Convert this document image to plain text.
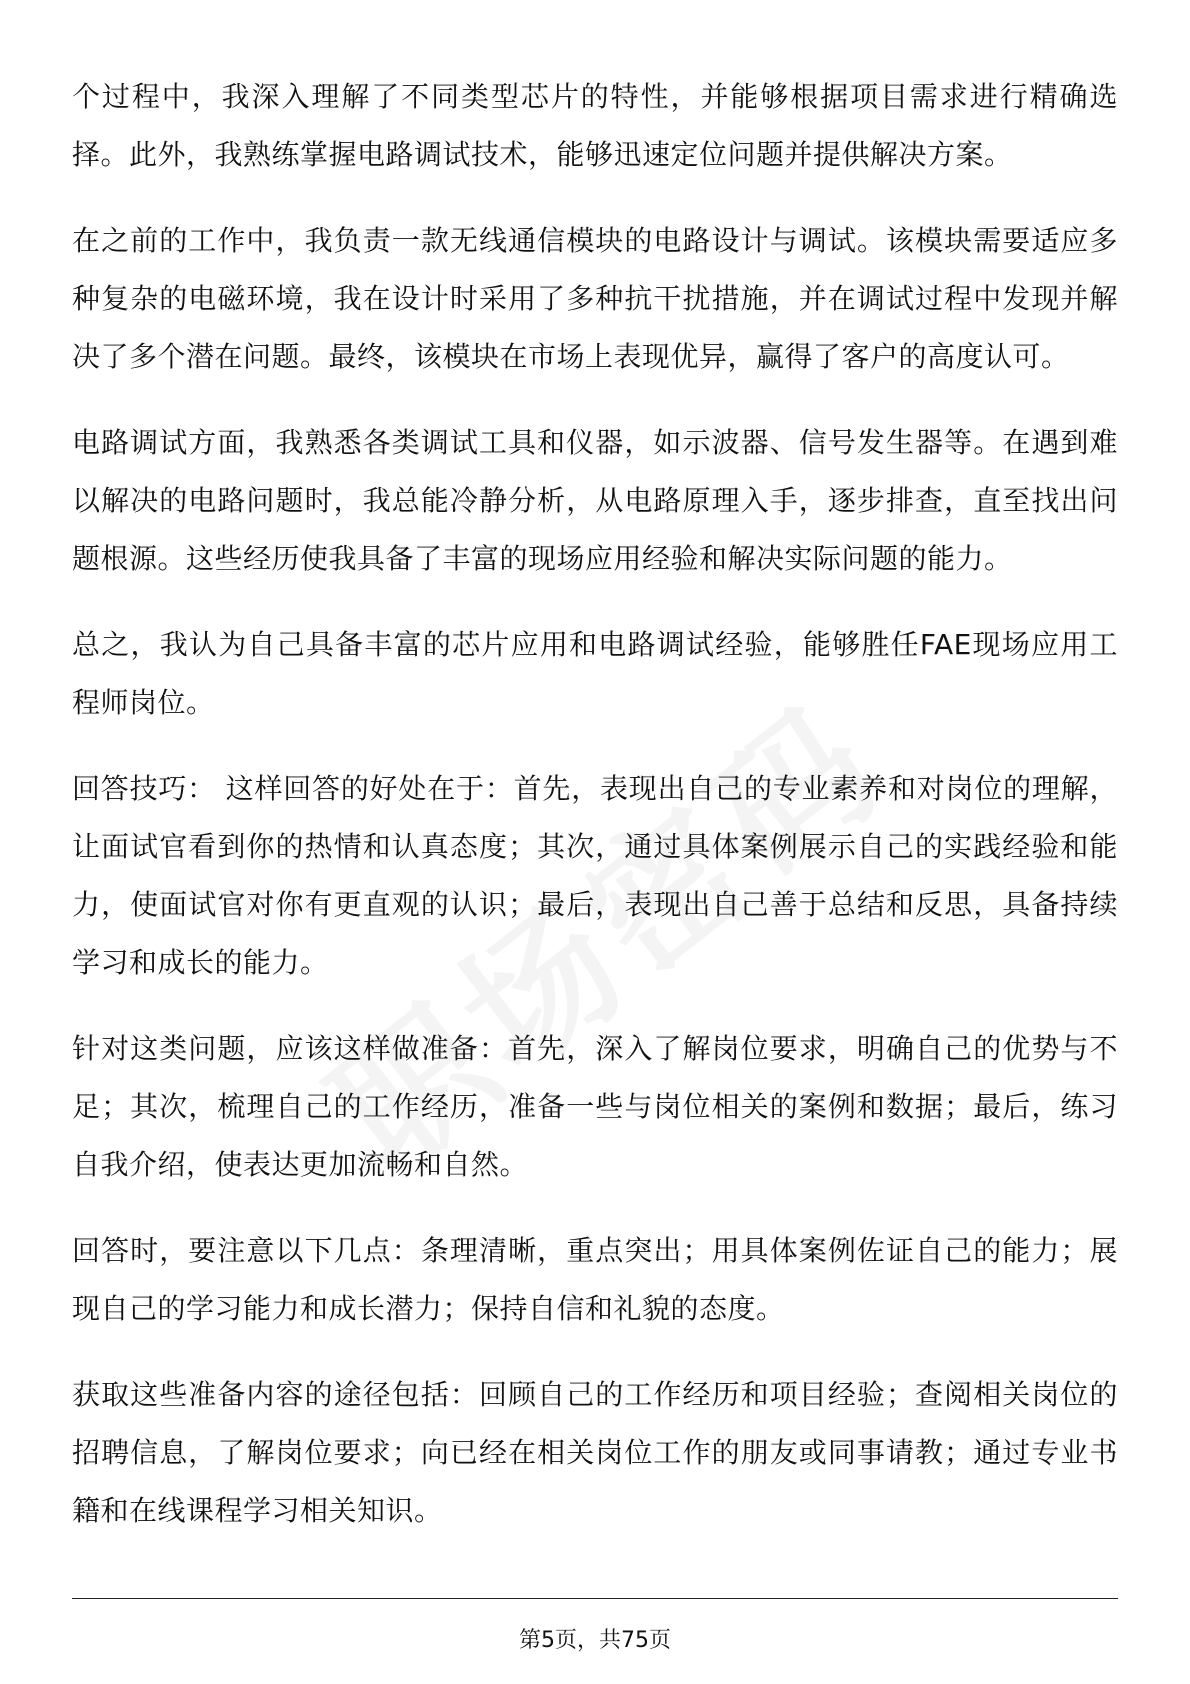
个过程中，我深入理解了不同类型芯片的特性，并能够根据项目需求进行精确选择。此外，我熟练掌握电路调试技术，能够迅速定位问题并提供解决方案。

在之前的工作中，我负责一款无线通信模块的电路设计与调试。该模块需要适应多种复杂的电磁环境，我在设计时采用了多种抗干扰措施，并在调试过程中发现并解决了多个潜在问题。最终，该模块在市场上表现优异，赢得了客户的高度认可。

电路调试方面，我熟悉各类调试工具和仪器，如示波器、信号发生器等。在遇到难以解决的电路问题时，我总能冷静分析，从电路原理入手，逐步排查，直至找出问题根源。这些经历使我具备了丰富的现场应用经验和解决实际问题的能力。

总之，我认为自己具备丰富的芯片应用和电路调试经验，能够胜任FAE现场应用工程师岗位。

回答技巧： 这样回答的好处在于：首先，表现出自己的专业素养和对岗位的理解，让面试官看到你的热情和认真态度；其次，通过具体案例展示自己的实践经验和能力，使面试官对你有更直观的认识；最后，表现出自己善于总结和反思，具备持续学习和成长的能力。

针对这类问题，应该这样做准备：首先，深入了解岗位要求，明确自己的优势与不足；其次，梳理自己的工作经历，准备一些与岗位相关的案例和数据；最后，练习自我介绍，使表达更加流畅和自然。

回答时，要注意以下几点：条理清晰，重点突出；用具体案例佐证自己的能力；展现自己的学习能力和成长潜力；保持自信和礼貌的态度。

获取这些准备内容的途径包括：回顾自己的工作经历和项目经验；查阅相关岗位的招聘信息，了解岗位要求；向已经在相关岗位工作的朋友或同事请教；通过专业书籍和在线课程学习相关知识。

第5页，共75页
